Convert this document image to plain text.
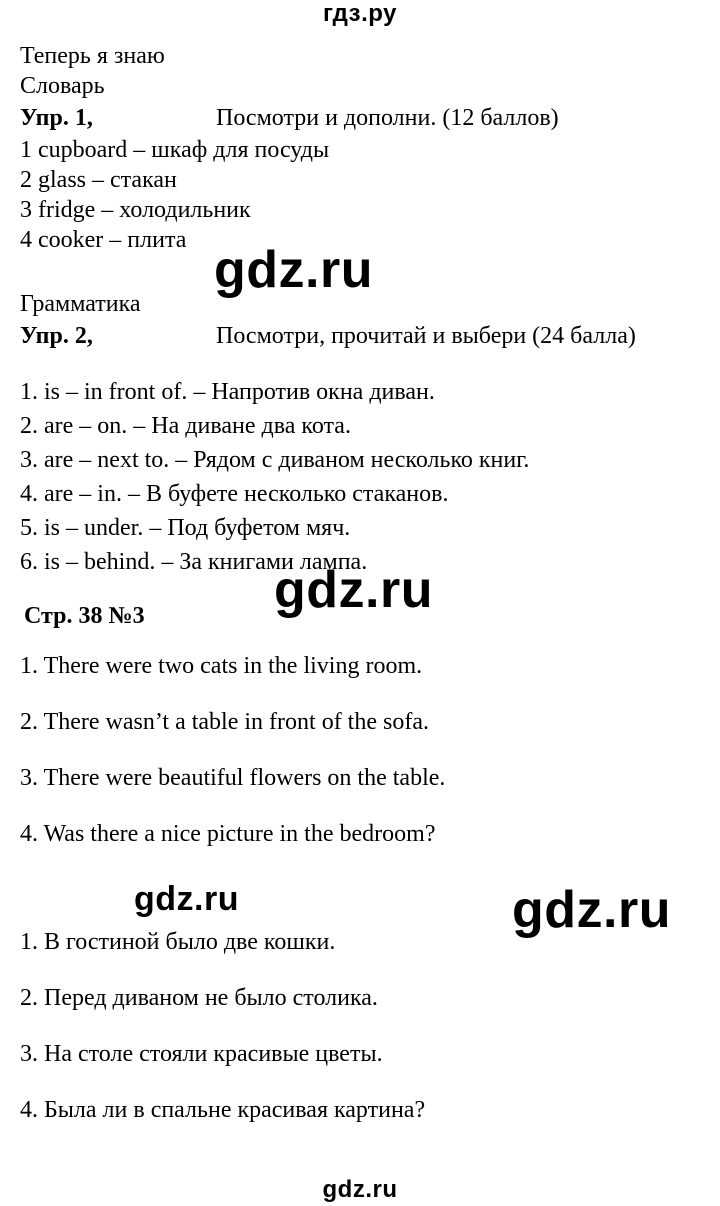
гдз.ру
Теперь я знаю
Словарь
Упр. 1,	Посмотри и дополни. (12 баллов)
1 cupboard – шкаф для посуды
2 glass – стакан
3 fridge – холодильник
4 cooker – плита
gdz.ru
Грамматика
Упр. 2,	Посмотри, прочитай и выбери (24 балла)
1. is – in front of. – Напротив окна диван.
2. are – on. – На диване два кота.
3. are – next to. – Рядом с диваном несколько книг.
4. are – in. – В буфете несколько стаканов.
5. is – under. – Под буфетом мяч.
6. is – behind. – За книгами лампа.
gdz.ru
Стр. 38 №3
1. There were two cats in the living room.
2. There wasn’t a table in front of the sofa.
3. There were beautiful flowers on the table.
4. Was there a nice picture in the bedroom?
gdz.ru	gdz.ru
1. В гостиной было две кошки.
2. Перед диваном не было столика.
3. На столе стояли красивые цветы.
4. Была ли в спальне красивая картина?
gdz.ru
